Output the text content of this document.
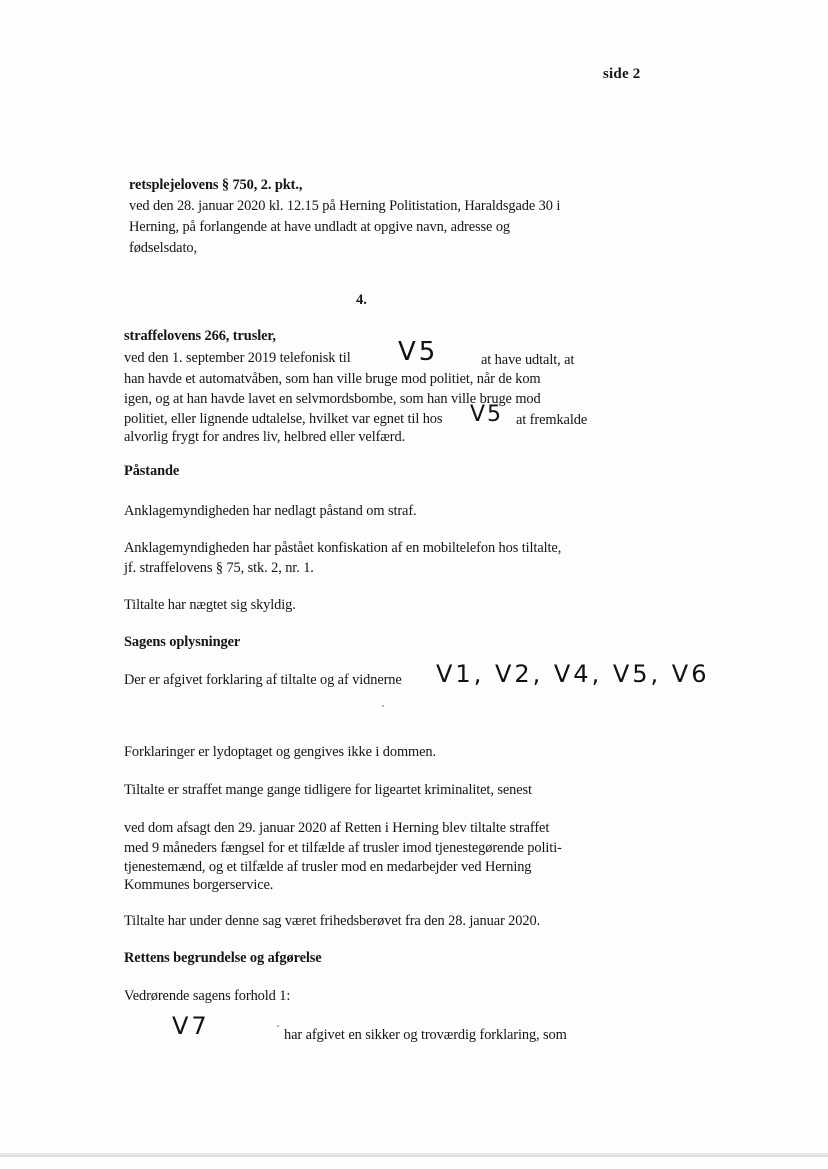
side 2
retsplejelovens § 750, 2. pkt.,
ved den 28. januar 2020 kl. 12.15 på Herning Politistation, Haraldsgade 30 i
Herning, på forlangende at have undladt at opgive navn, adresse og
fødselsdato,
4.
straffelovens 266, trusler,
ved den 1. september 2019 telefonisk til V5	at have udtalt, at
han havde et automatvåben, som han ville bruge mod politiet, når de kom
igen, og at han havde lavet en selvmordsbombe, som han ville bruge mod
politiet, eller lignende udtalelse, hvilket var egnet til hos V5 at fremkalde
alvorlig frygt for andres liv, helbred eller velfærd.
Påstande
Anklagemyndigheden har nedlagt påstand om straf.
Anklagemyndigheden har påstået konfiskation af en mobiltelefon hos tiltalte,
jf. straffelovens § 75, stk. 2, nr. 1.
Tiltalte har nægtet sig skyldig.
Sagens oplysninger
Der er afgivet forklaring af tiltalte og af vidnerne V1, V2, V4, V5, V6
Forklaringer er lydoptaget og gengives ikke i dommen.
Tiltalte er straffet mange gange tidligere for ligeartet kriminalitet, senest
ved dom afsagt den 29. januar 2020 af Retten i Herning blev tiltalte straffet
med 9 måneders fængsel for et tilfælde af trusler imod tjenestegørende politi-
tjenestemænd, og et tilfælde af trusler mod en medarbejder ved Herning
Kommunes borgerservice.
Tiltalte har under denne sag været frihedsberøvet fra den 28. januar 2020.
Rettens begrundelse og afgørelse
Vedrørende sagens forhold 1:
V7	har afgivet en sikker og troværdig forklaring, som
